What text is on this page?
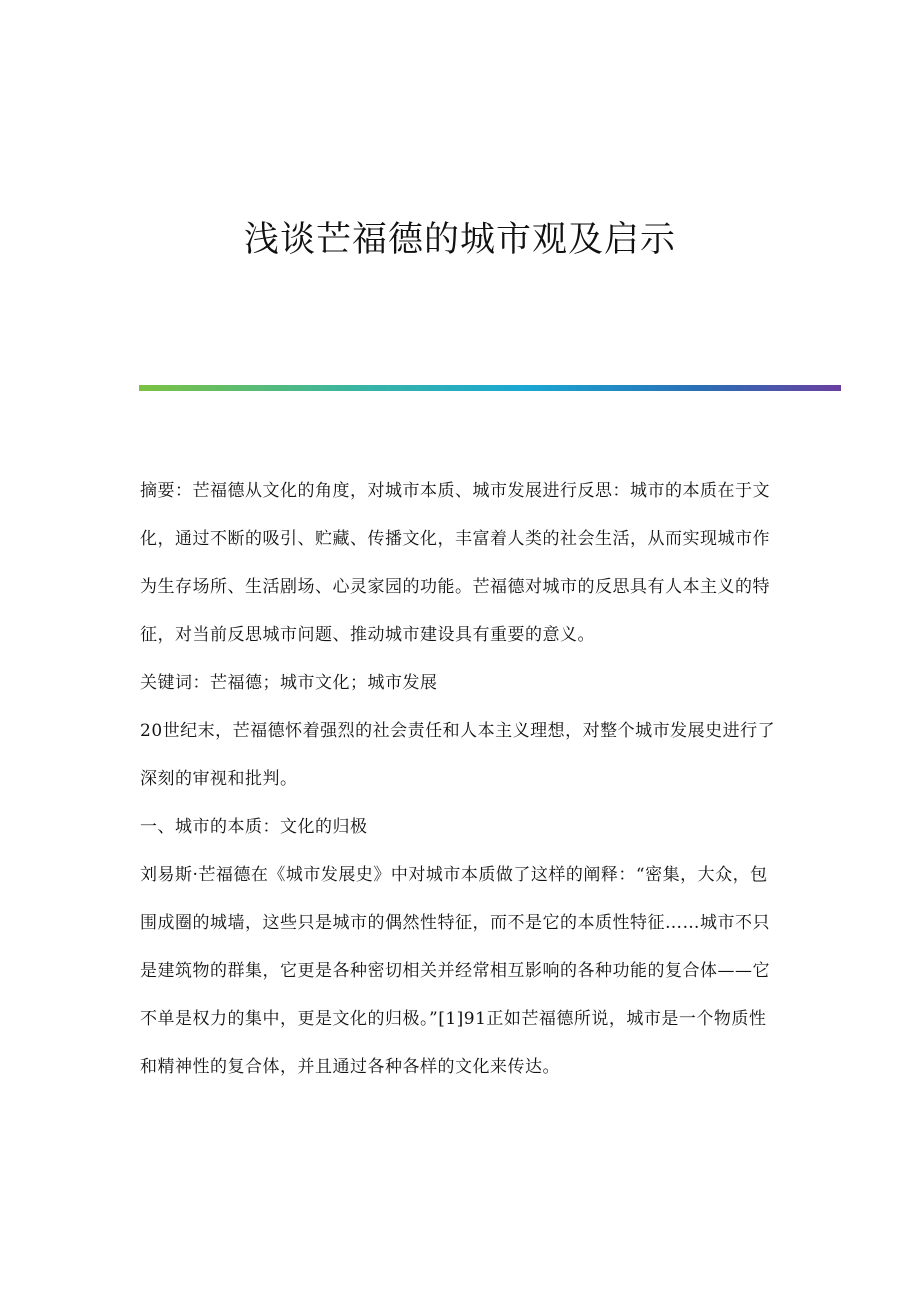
浅谈芒福德的城市观及启示

摘要：芒福德从文化的角度，对城市本质、城市发展进行反思：城市的本质在于文化，通过不断的吸引、贮藏、传播文化，丰富着人类的社会生活，从而实现城市作为生存场所、生活剧场、心灵家园的功能。芒福德对城市的反思具有人本主义的特征，对当前反思城市问题、推动城市建设具有重要的意义。

关键词：芒福德；城市文化；城市发展

20世纪末，芒福德怀着强烈的社会责任和人本主义理想，对整个城市发展史进行了深刻的审视和批判。

一、城市的本质：文化的归极

刘易斯·芒福德在《城市发展史》中对城市本质做了这样的阐释：“密集，大众，包围成圈的城墙，这些只是城市的偶然性特征，而不是它的本质性特征……城市不只是建筑物的群集，它更是各种密切相关并经常相互影响的各种功能的复合体——它不单是权力的集中，更是文化的归极。”[1]91正如芒福德所说，城市是一个物质性和精神性的复合体，并且通过各种各样的文化来传达。
